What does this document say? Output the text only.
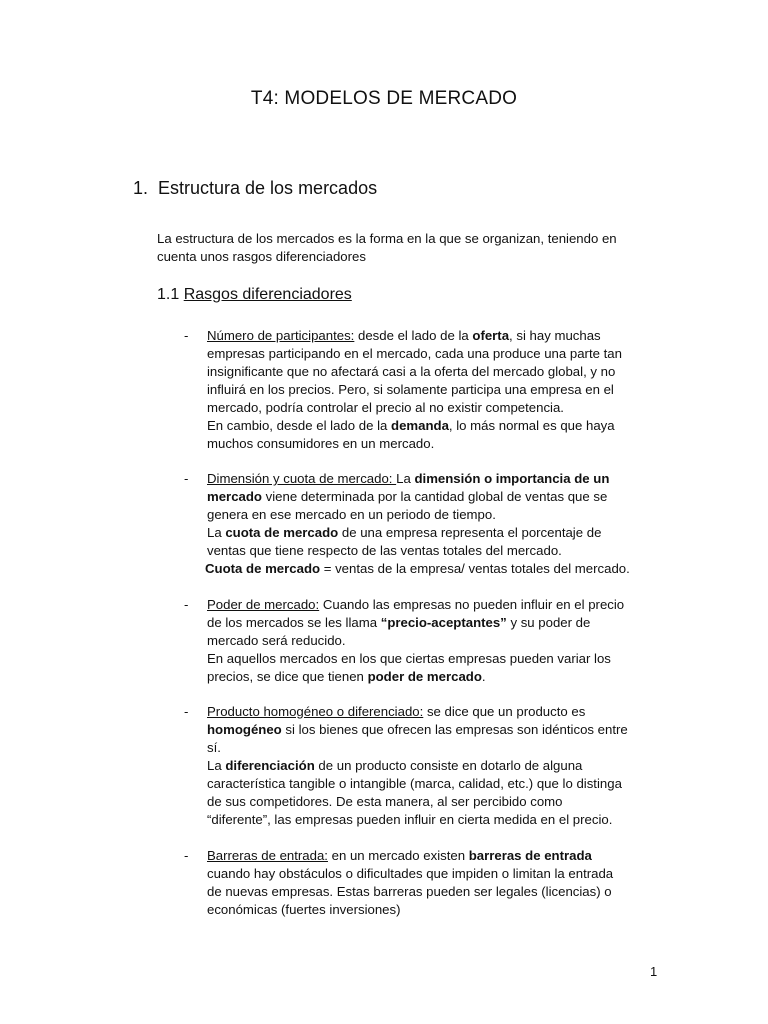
T4: MODELOS DE MERCADO
1. Estructura de los mercados
La estructura de los mercados es la forma en la que se organizan, teniendo en
cuenta unos rasgos diferenciadores
1.1 Rasgos diferenciadores
- Número de participantes: desde el lado de la oferta, si hay muchas
empresas participando en el mercado, cada una produce una parte tan
insignificante que no afectará casi a la oferta del mercado global, y no
influirá en los precios. Pero, si solamente participa una empresa en el
mercado, podría controlar el precio al no existir competencia.
En cambio, desde el lado de la demanda, lo más normal es que haya
muchos consumidores en un mercado.
- Dimensión y cuota de mercado: La dimensión o importancia de un
mercado viene determinada por la cantidad global de ventas que se
genera en ese mercado en un periodo de tiempo.
La cuota de mercado de una empresa representa el porcentaje de
ventas que tiene respecto de las ventas totales del mercado.
Cuota de mercado = ventas de la empresa/ ventas totales del mercado.
- Poder de mercado: Cuando las empresas no pueden influir en el precio
de los mercados se les llama “precio-aceptantes” y su poder de
mercado será reducido.
En aquellos mercados en los que ciertas empresas pueden variar los
precios, se dice que tienen poder de mercado.
- Producto homogéneo o diferenciado: se dice que un producto es
homogéneo si los bienes que ofrecen las empresas son idénticos entre
sí.
La diferenciación de un producto consiste en dotarlo de alguna
característica tangible o intangible (marca, calidad, etc.) que lo distinga
de sus competidores. De esta manera, al ser percibido como
“diferente”, las empresas pueden influir en cierta medida en el precio.
- Barreras de entrada: en un mercado existen barreras de entrada
cuando hay obstáculos o dificultades que impiden o limitan la entrada
de nuevas empresas. Estas barreras pueden ser legales (licencias) o
económicas (fuertes inversiones)
1
